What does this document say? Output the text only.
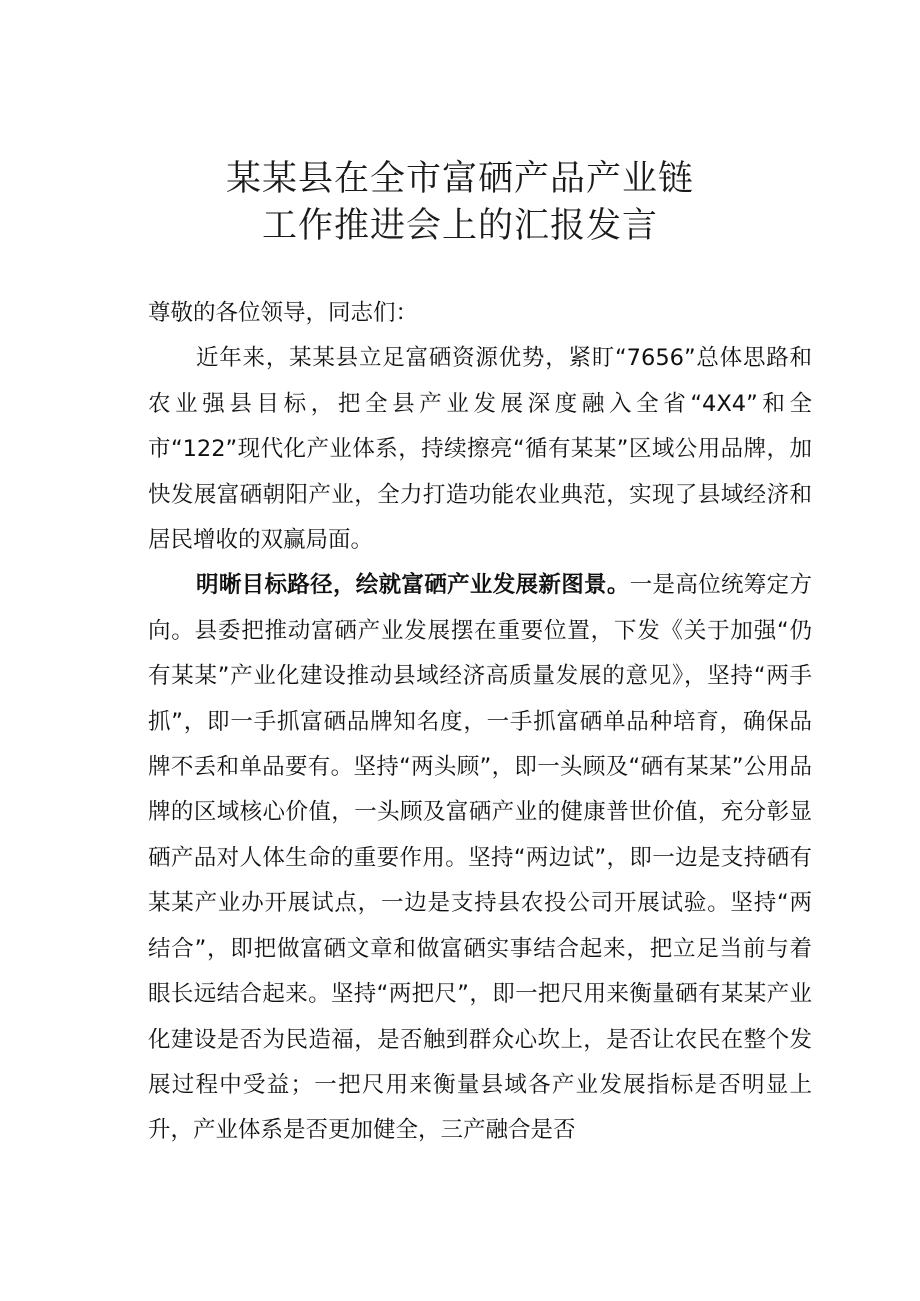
某某县在全市富硒产品产业链
工作推进会上的汇报发言

尊敬的各位领导，同志们：

近年来，某某县立足富硒资源优势，紧盯“7656”总体思路和农业强县目标，把全县产业发展深度融入全省“4X4”和全市“122”现代化产业体系，持续擦亮“循有某某”区域公用品牌，加快发展富硒朝阳产业，全力打造功能农业典范，实现了县域经济和居民增收的双赢局面。

明晰目标路径，绘就富硒产业发展新图景。一是高位统筹定方向。县委把推动富硒产业发展摆在重要位置，下发《关于加强“仍有某某”产业化建设推动县域经济高质量发展的意见》，坚持“两手抓”，即一手抓富硒品牌知名度，一手抓富硒单品种培育，确保品牌不丢和单品要有。坚持“两头顾”，即一头顾及“硒有某某”公用品牌的区域核心价值，一头顾及富硒产业的健康普世价值，充分彰显硒产品对人体生命的重要作用。坚持“两边试”，即一边是支持硒有某某产业办开展试点，一边是支持县农投公司开展试验。坚持“两结合”，即把做富硒文章和做富硒实事结合起来，把立足当前与着眼长远结合起来。坚持“两把尺”，即一把尺用来衡量硒有某某产业化建设是否为民造福，是否触到群众心坎上，是否让农民在整个发展过程中受益；一把尺用来衡量县域各产业发展指标是否明显上升，产业体系是否更加健全，三产融合是否
